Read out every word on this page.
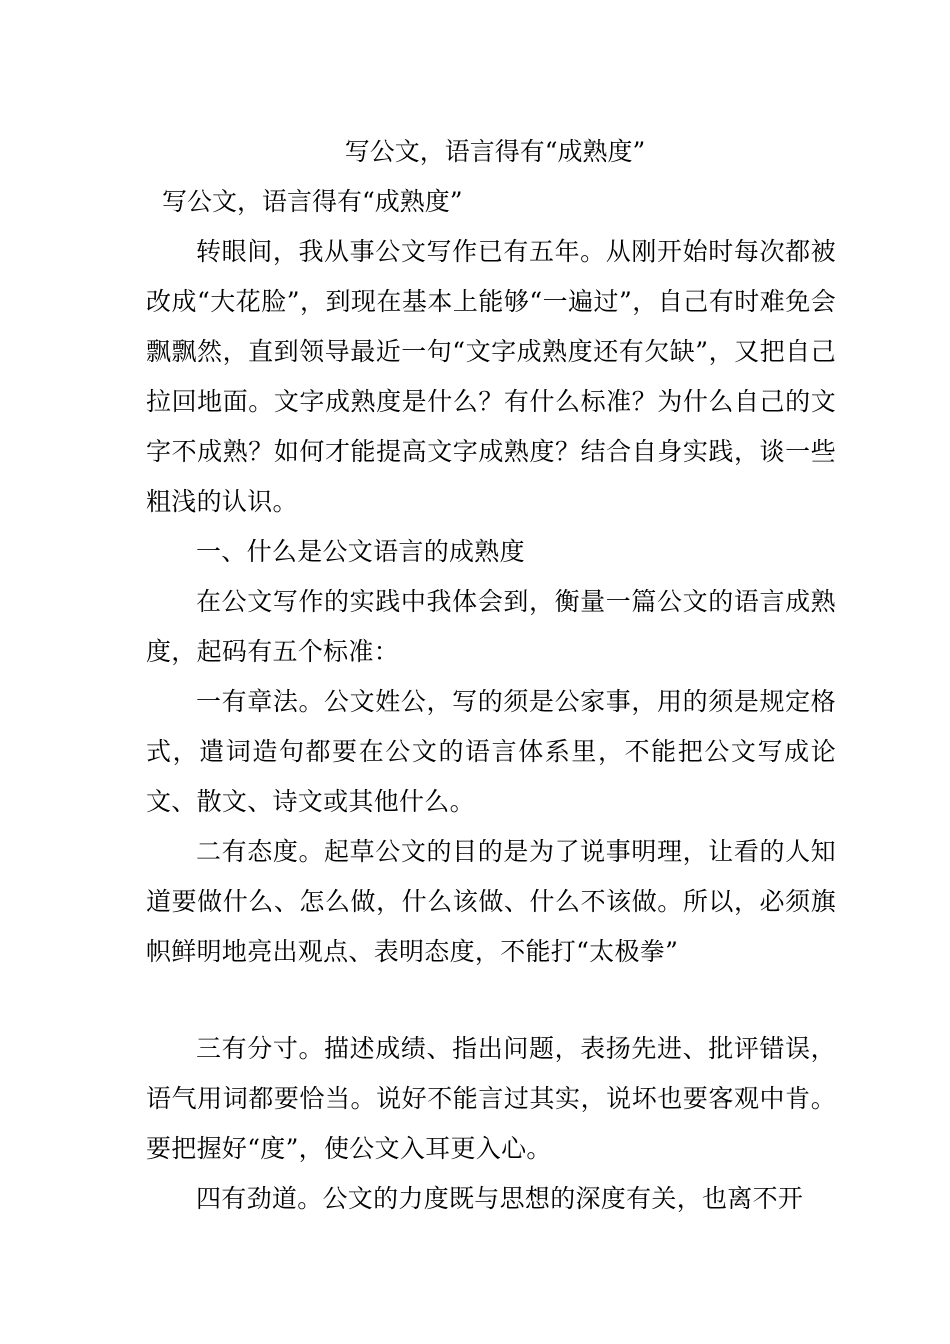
写公文，语言得有“成熟度”
写公文，语言得有“成熟度”

转眼间，我从事公文写作已有五年。从刚开始时每次都被改成“大花脸”，到现在基本上能够“一遍过”，自己有时难免会飘飘然，直到领导最近一句“文字成熟度还有欠缺”，又把自己拉回地面。文字成熟度是什么？有什么标准？为什么自己的文字不成熟？如何才能提高文字成熟度？结合自身实践，谈一些粗浅的认识。

一、什么是公文语言的成熟度

在公文写作的实践中我体会到，衡量一篇公文的语言成熟度，起码有五个标准：

一有章法。公文姓公，写的须是公家事，用的须是规定格式，遣词造句都要在公文的语言体系里，不能把公文写成论文、散文、诗文或其他什么。

二有态度。起草公文的目的是为了说事明理，让看的人知道要做什么、怎么做，什么该做、什么不该做。所以，必须旗帜鲜明地亮出观点、表明态度，不能打“太极拳”

三有分寸。描述成绩、指出问题，表扬先进、批评错误，语气用词都要恰当。说好不能言过其实，说坏也要客观中肯。要把握好“度”，使公文入耳更入心。

四有劲道。公文的力度既与思想的深度有关，也离不开
